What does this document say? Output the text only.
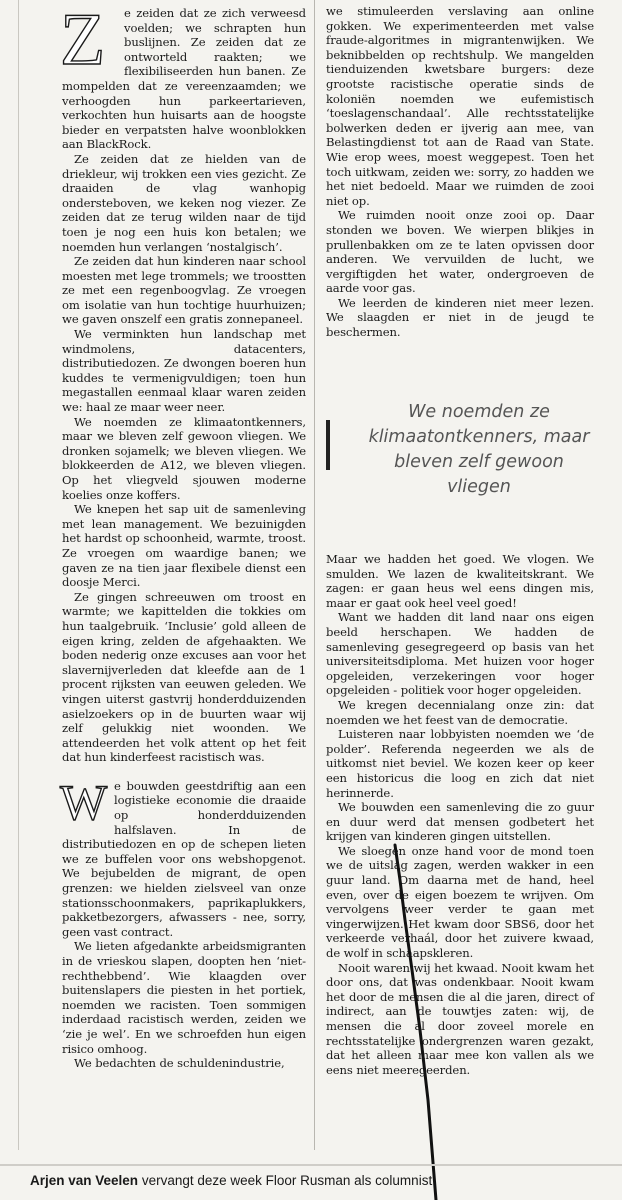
Z	e zeiden dat ze zich verweesd voelden; we schrapten hun buslijnen. Ze zeiden dat ze ontworteld raakten; we flexibiliseerden hun banen. Ze mompelden dat ze vereenzaamden; we verhoogden hun parkeertarieven, verkochten hun huisarts aan de hoogste bieder en verpatsten halve woonblokken aan BlackRock.

Ze zeiden dat ze hielden van de driekleur, wij trokken een vies gezicht. Ze draaiden de vlag wanhopig ondersteboven, we keken nog viezer. Ze zeiden dat ze terug wilden naar de tijd toen je nog een huis kon betalen; we noemden hun verlangen ‘nostalgisch’.

Ze zeiden dat hun kinderen naar school moesten met lege trommels; we troostten ze met een regenboogvlag. Ze vroegen om isolatie van hun tochtige huurhuizen; we gaven onszelf een gratis zonnepaneel.

We verminkten hun landschap met windmolens, datacenters, distributiedozen. Ze dwongen boeren hun kuddes te vermenigvuldigen; toen hun megastallen eenmaal klaar waren zeiden we: haal ze maar weer neer.

We noemden ze klimaatontkenners, maar we bleven zelf gewoon vliegen. We dronken sojamelk; we bleven vliegen. We blokkeerden de A12, we bleven vliegen. Op het vliegveld sjouwen moderne koelies onze koffers.

We knepen het sap uit de samenleving met lean management. We bezuinigden het hardst op schoonheid, warmte, troost. Ze vroegen om waardige banen; we gaven ze na tien jaar flexibele dienst een doosje Merci.

Ze gingen schreeuwen om troost en warmte; we kapittelden die tokkies om hun taalgebruik. ‘Inclusie’ gold alleen de eigen kring, zelden de afgehaakten. We boden nederig onze excuses aan voor het slavernijverleden dat kleefde aan de 1 procent rijksten van eeuwen geleden. We vingen uiterst gastvrij honderdduizenden asielzoekers op in de buurten waar wij zelf gelukkig niet woonden. We attendeerden het volk attent op het feit dat hun kinderfeest racistisch was.

We bouwden geestdriftig aan een logistieke economie die draaide op honderdduizenden halfslaven. In de distributiedozen en op de schepen lieten we ze buffelen voor ons webshopgenot. We bejubelden de migrant, de open grenzen: we hielden zielsveel van onze stationsschoonmakers, paprikaplukkers, pakketbezorgers, afwassers - nee, sorry, geen vast contract.

We lieten afgedankte arbeidsmigranten in de vrieskou slapen, doopten hen ‘niet-rechthebbend’. Wie klaagden over buitenslapers die piesten in het portiek, noemden we racisten. Toen sommigen inderdaad racistisch werden, zeiden we ‘zie je wel’. En we schroefden hun eigen risico omhoog.

We bedachten de schuldenindustrie,

we stimuleerden verslaving aan online gokken. We experimenteerden met valse fraude-algoritmes in migrantenwijken. We beknibbelden op rechtshulp. We mangelden tienduizenden kwetsbare burgers: deze grootste racistische operatie sinds de koloniën noemden we eufemistisch ‘toeslagenschandaal’. Alle rechtsstatelijke bolwerken deden er ijverig aan mee, van Belastingdienst tot aan de Raad van State. Wie erop wees, moest weggepest. Toen het toch uitkwam, zeiden we: sorry, zo hadden we het niet bedoeld. Maar we ruimden de zooi niet op.

We ruimden nooit onze zooi op. Daar stonden we boven. We wierpen blikjes in prullenbakken om ze te laten opvissen door anderen. We vervuilden de lucht, we vergiftigden het water, ondergroeven de aarde voor gas.

We leerden de kinderen niet meer lezen. We slaagden er niet in de jeugd te beschermen.

We noemden ze klimaatontkenners, maar bleven zelf gewoon vliegen

Maar we hadden het goed. We vlogen. We smulden. We lazen de kwaliteitskrant. We zagen: er gaan heus wel eens dingen mis, maar er gaat ook heel veel goed!

Want we hadden dit land naar ons eigen beeld herschapen. We hadden de samenleving gesegregeerd op basis van het universiteitsdiploma. Met huizen voor hoger opgeleiden, verzekeringen voor hoger opgeleiden - politiek voor hoger opgeleiden.

We kregen decennialang onze zin: dat noemden we het feest van de democratie.

Luisteren naar lobbyisten noemden we ‘de polder’. Referenda negeerden we als de uitkomst niet beviel. We kozen keer op keer een historicus die loog en zich dat niet herinnerde.

We bouwden een samenleving die zo guur en duur werd dat mensen godbetert het krijgen van kinderen gingen uitstellen.

We sloegen onze hand voor de mond toen we de uitslag zagen, werden wakker in een guur land. Om daarna met de hand, heel even, over de eigen boezem te wrijven. Om vervolgens weer verder te gaan met vingerwijzen. Het kwam door SBS6, door het verkeerde verhaál, door het zuivere kwaad, de wolf in schaapskleren.

Nooit waren wij het kwaad. Nooit kwam het door ons, dat was ondenkbaar. Nooit kwam het door de mensen die al die jaren, direct of indirect, aan de touwtjes zaten: wij, de mensen die al door zoveel morele en rechtsstatelijke ondergrenzen waren gezakt, dat het alleen maar mee kon vallen als we eens niet meeregeerden.

Arjen van Veelen vervangt deze week Floor Rusman als columnist
